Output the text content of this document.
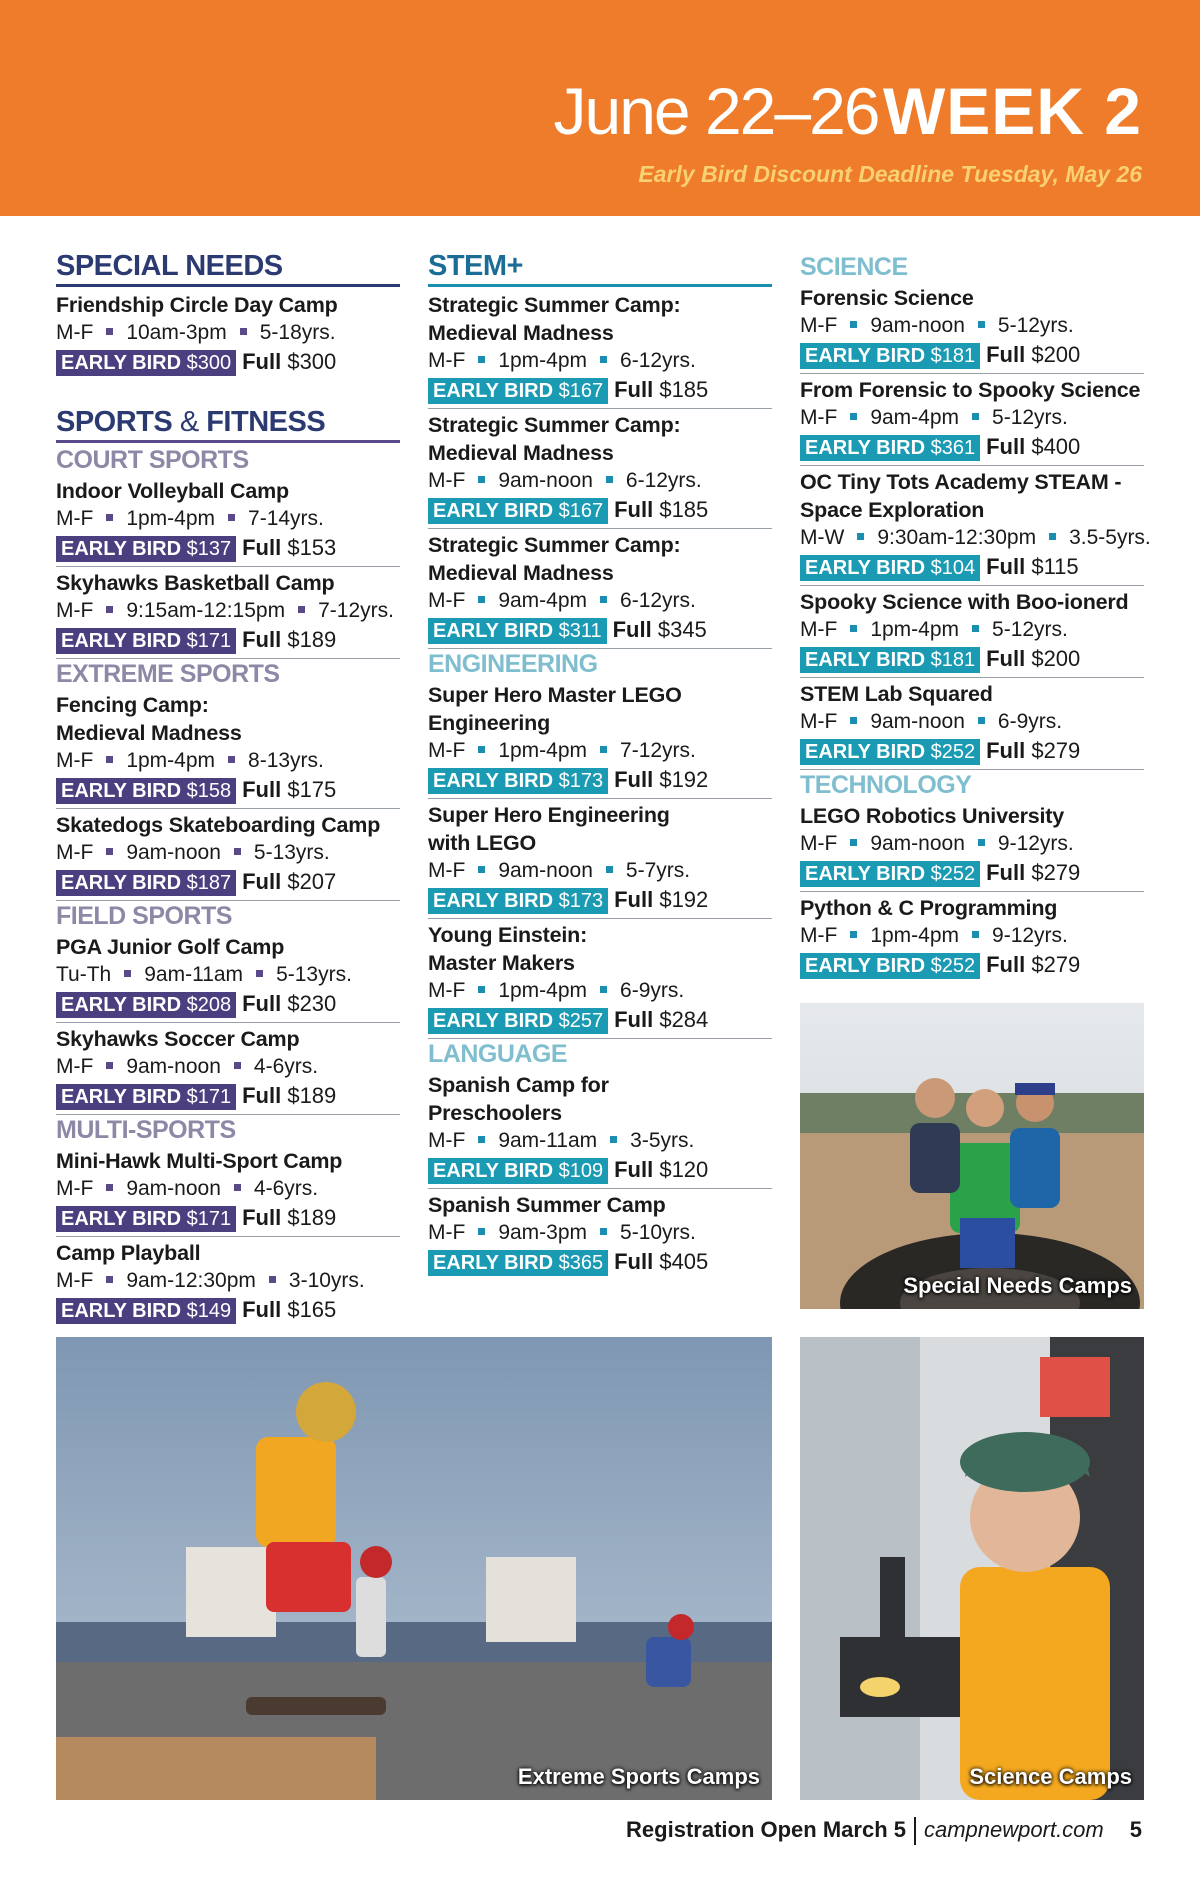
June 22–26 WEEK 2
Early Bird Discount Deadline Tuesday, May 26
SPECIAL NEEDS
Friendship Circle Day Camp
M-F 10am-3pm 5-18yrs.
EARLY BIRD $300 Full $300
SPORTS & FITNESS
COURT SPORTS
Indoor Volleyball Camp
M-F 1pm-4pm 7-14yrs.
EARLY BIRD $137 Full $153
Skyhawks Basketball Camp
M-F 9:15am-12:15pm 7-12yrs.
EARLY BIRD $171 Full $189
EXTREME SPORTS
Fencing Camp:
Medieval Madness
M-F 1pm-4pm 8-13yrs.
EARLY BIRD $158 Full $175
Skatedogs Skateboarding Camp
M-F 9am-noon 5-13yrs.
EARLY BIRD $187 Full $207
FIELD SPORTS
PGA Junior Golf Camp
Tu-Th 9am-11am 5-13yrs.
EARLY BIRD $208 Full $230
Skyhawks Soccer Camp
M-F 9am-noon 4-6yrs.
EARLY BIRD $171 Full $189
MULTI-SPORTS
Mini-Hawk Multi-Sport Camp
M-F 9am-noon 4-6yrs.
EARLY BIRD $171 Full $189
Camp Playball
M-F 9am-12:30pm 3-10yrs.
EARLY BIRD $149 Full $165
STEM+
Strategic Summer Camp:
Medieval Madness
M-F 1pm-4pm 6-12yrs.
EARLY BIRD $167 Full $185
Strategic Summer Camp:
Medieval Madness
M-F 9am-noon 6-12yrs.
EARLY BIRD $167 Full $185
Strategic Summer Camp:
Medieval Madness
M-F 9am-4pm 6-12yrs.
EARLY BIRD $311 Full $345
ENGINEERING
Super Hero Master LEGO
Engineering
M-F 1pm-4pm 7-12yrs.
EARLY BIRD $173 Full $192
Super Hero Engineering
with LEGO
M-F 9am-noon 5-7yrs.
EARLY BIRD $173 Full $192
Young Einstein:
Master Makers
M-F 1pm-4pm 6-9yrs.
EARLY BIRD $257 Full $284
LANGUAGE
Spanish Camp for
Preschoolers
M-F 9am-11am 3-5yrs.
EARLY BIRD $109 Full $120
Spanish Summer Camp
M-F 9am-3pm 5-10yrs.
EARLY BIRD $365 Full $405
SCIENCE
Forensic Science
M-F 9am-noon 5-12yrs.
EARLY BIRD $181 Full $200
From Forensic to Spooky Science
M-F 9am-4pm 5-12yrs.
EARLY BIRD $361 Full $400
OC Tiny Tots Academy STEAM -
Space Exploration
M-W 9:30am-12:30pm 3.5-5yrs.
EARLY BIRD $104 Full $115
Spooky Science with Boo-ionerd
M-F 1pm-4pm 5-12yrs.
EARLY BIRD $181 Full $200
STEM Lab Squared
M-F 9am-noon 6-9yrs.
EARLY BIRD $252 Full $279
TECHNOLOGY
LEGO Robotics University
M-F 9am-noon 9-12yrs.
EARLY BIRD $252 Full $279
Python & C Programming
M-F 1pm-4pm 9-12yrs.
EARLY BIRD $252 Full $279
Special Needs Camps
Extreme Sports Camps	Science Camps
Registration Open March 5 campnewport.com 5
